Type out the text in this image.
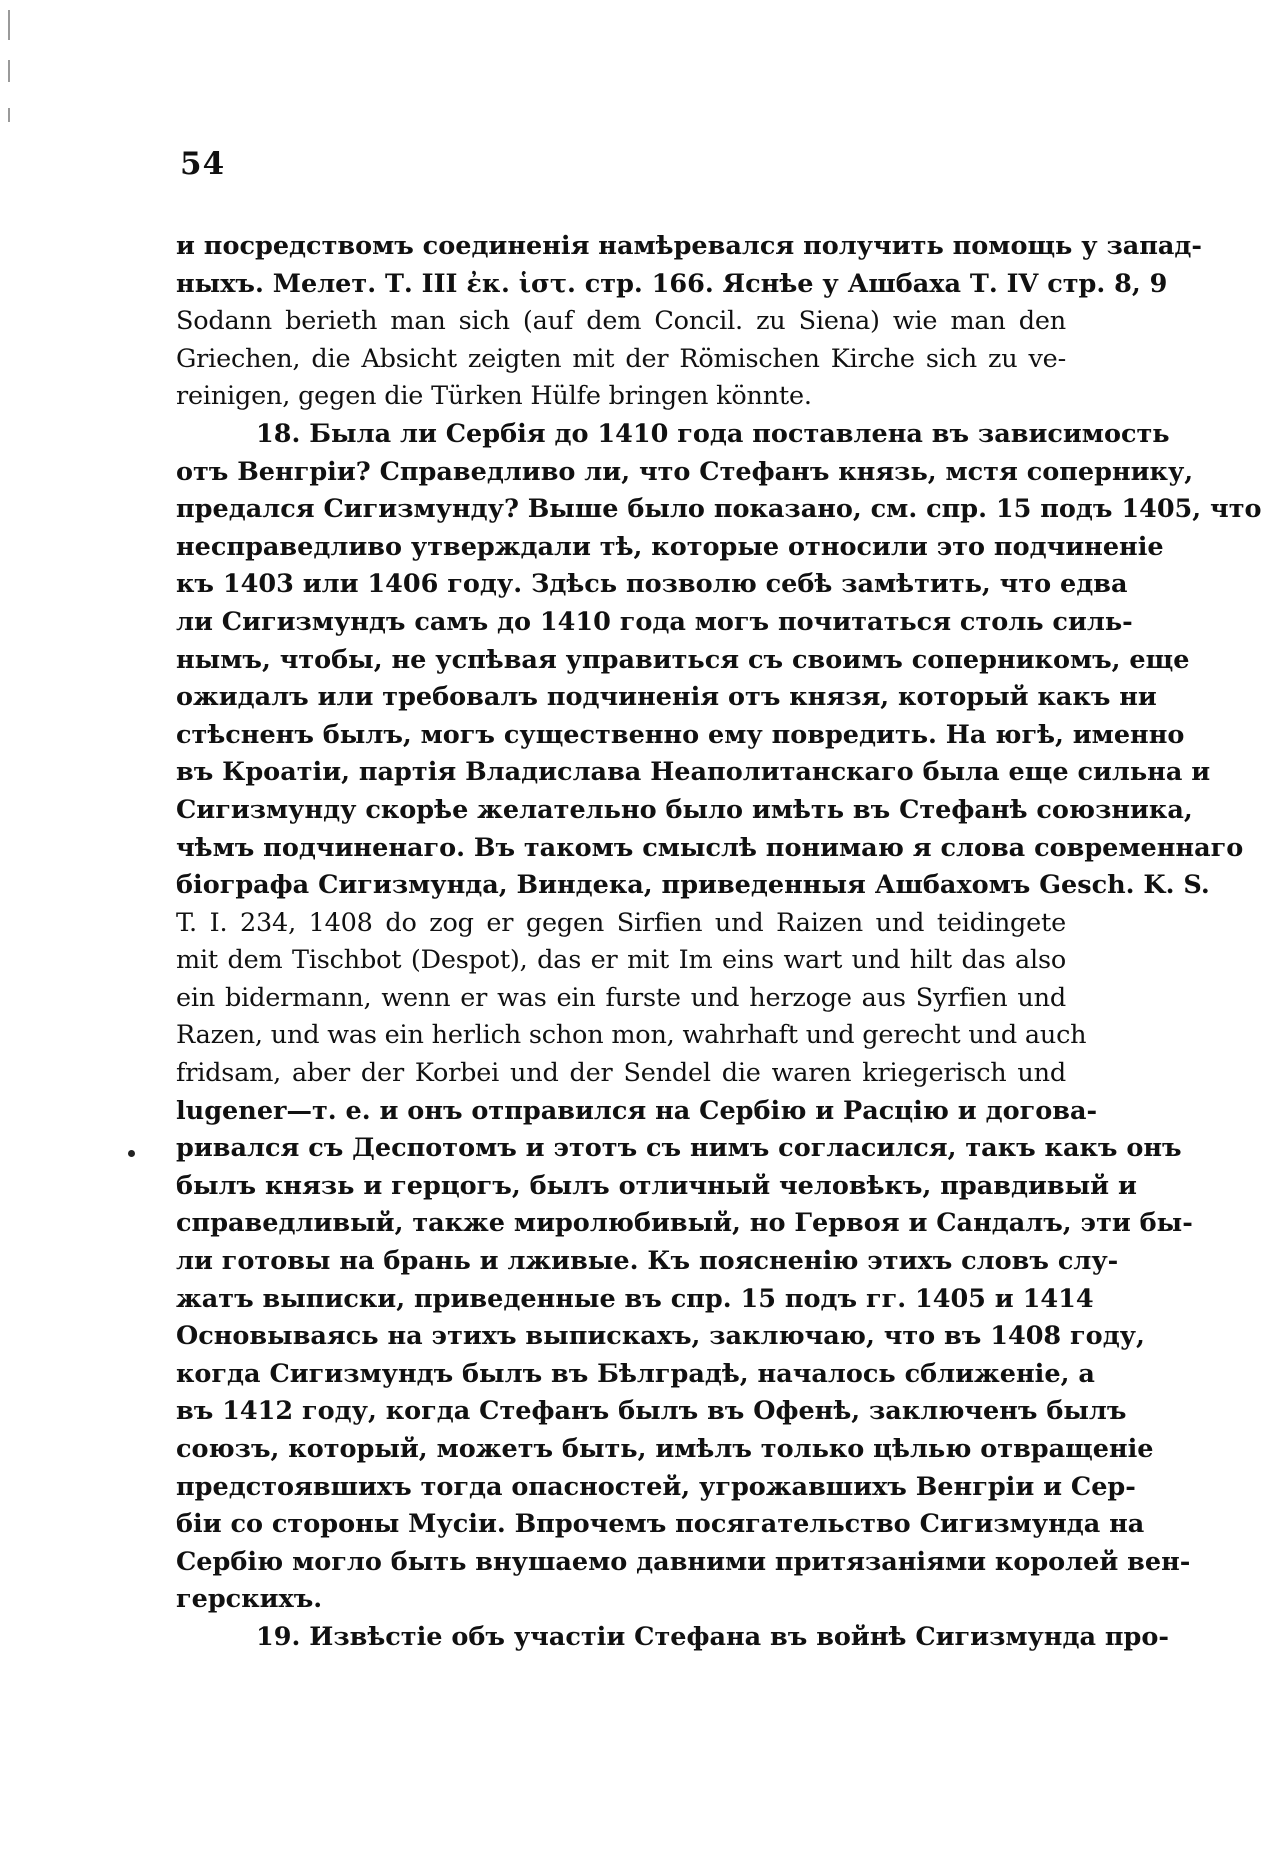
54
и посредствомъ соединенія намѣревался получить помощь у запад-
ныхъ. Мелет. Т. III ἐκ. ἱστ. стр. 166. Яснѣе у Ашбаха Т. IV стр. 8, 9
Sodann berieth man sich (auf dem Concil. zu Siena) wie man den
Griechen, die Absicht zeigten mit der Römischen Kirche sich zu ve-
reinigen, gegen die Türken Hülfe bringen könnte.
18. Была ли Сербія до 1410 года поставлена въ зависимость
отъ Венгріи? Справедливо ли, что Стефанъ князь, мстя сопернику,
предался Сигизмунду? Выше было показано, см. спр. 15 подъ 1405, что
несправедливо утверждали тѣ, которые относили это подчиненіе
къ 1403 или 1406 году. Здѣсь позволю себѣ замѣтить, что едва
ли Сигизмундъ самъ до 1410 года могъ почитаться столь силь-
нымъ, чтобы, не успѣвая управиться съ своимъ соперникомъ, еще
ожидалъ или требовалъ подчиненія отъ князя, который какъ ни
стѣсненъ былъ, могъ существенно ему повредить. На югѣ, именно
въ Кроатіи, партія Владислава Неаполитанскаго была еще сильна и
Сигизмунду скорѣе желательно было имѣть въ Стефанѣ союзника,
чѣмъ подчиненаго. Въ такомъ смыслѣ понимаю я слова современнаго
біографа Сигизмунда, Виндека, приведенныя Ашбахомъ Gesch. K. S.
T. I. 234, 1408 do zog er gegen Sirfien und Raizen und teidingete
mit dem Tischbot (Despot), das er mit Im eins wart und hilt das also
ein bidermann, wenn er was ein furste und herzoge aus Syrfien und
Razen, und was ein herlich schon mon, wahrhaft und gerecht und auch
fridsam, aber der Korbei und der Sendel die waren kriegerisch und
lugener—т. е. и онъ отправился на Сербію и Расцію и догова-
ривался съ Деспотомъ и этотъ съ нимъ согласился, такъ какъ онъ
былъ князь и герцогъ, былъ отличный человѣкъ, правдивый и
справедливый, также миролюбивый, но Гервоя и Сандалъ, эти бы-
ли готовы на брань и лживые. Къ поясненію этихъ словъ слу-
жатъ выписки, приведенные въ спр. 15 подъ гг. 1405 и 1414
Основываясь на этихъ выпискахъ, заключаю, что въ 1408 году,
когда Сигизмундъ былъ въ Бѣлградѣ, началось сближеніе, а
въ 1412 году, когда Стефанъ былъ въ Офенѣ, заключенъ былъ
союзъ, который, можетъ быть, имѣлъ только цѣлью отвращеніе
предстоявшихъ тогда опасностей, угрожавшихъ Венгріи и Сер-
біи со стороны Мусіи. Впрочемъ посягательство Сигизмунда на
Сербію могло быть внушаемо давними притязаніями королей вен-
герскихъ.
19. Извѣстіе объ участіи Стефана въ войнѣ Сигизмунда про-
